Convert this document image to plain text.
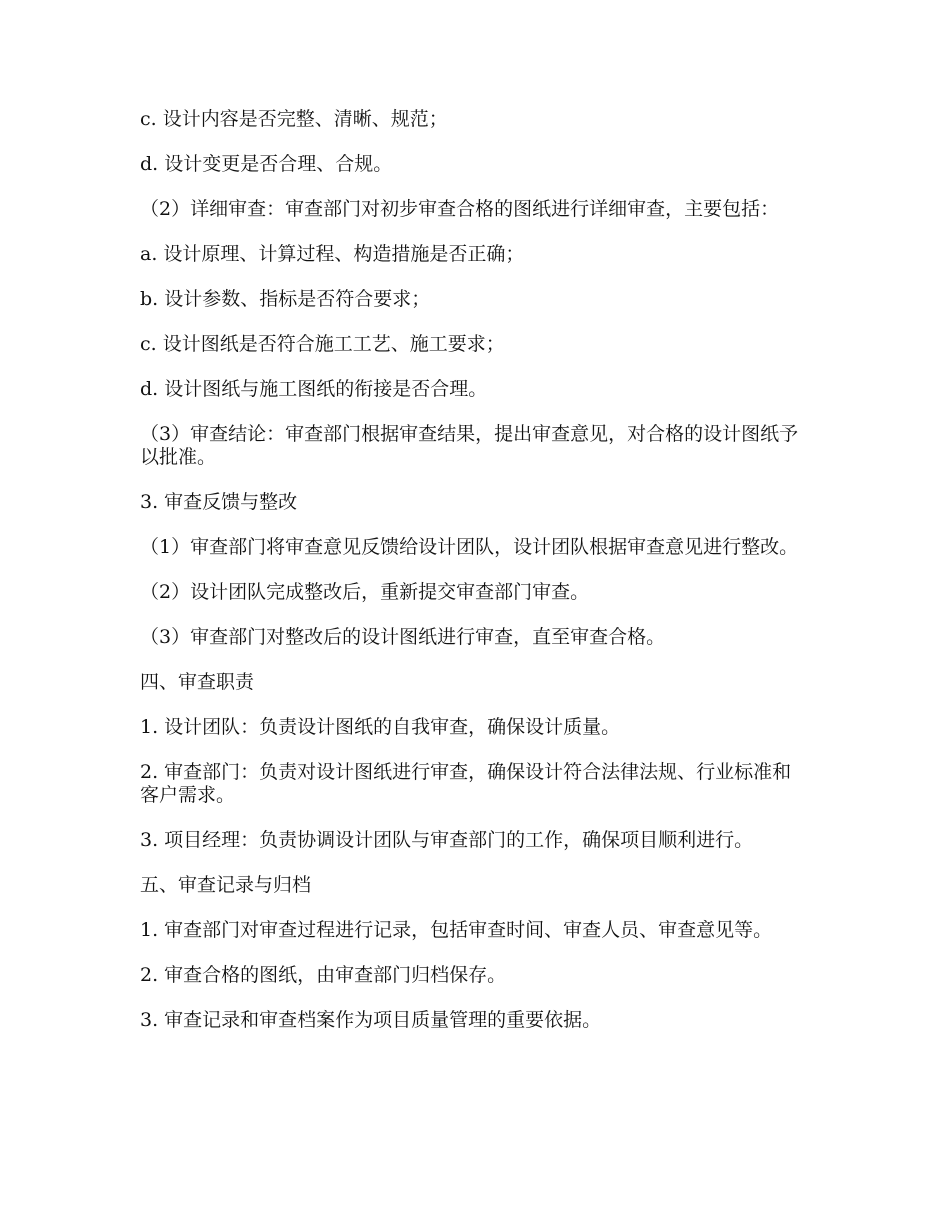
c. 设计内容是否完整、清晰、规范；

d. 设计变更是否合理、合规。

（2）详细审查：审查部门对初步审查合格的图纸进行详细审查，主要包括：

a. 设计原理、计算过程、构造措施是否正确；

b. 设计参数、指标是否符合要求；

c. 设计图纸是否符合施工工艺、施工要求；

d. 设计图纸与施工图纸的衔接是否合理。

（3）审查结论：审查部门根据审查结果，提出审查意见，对合格的设计图纸予以批准。

3. 审查反馈与整改

（1）审查部门将审查意见反馈给设计团队，设计团队根据审查意见进行整改。

（2）设计团队完成整改后，重新提交审查部门审查。

（3）审查部门对整改后的设计图纸进行审查，直至审查合格。

四、审查职责

1. 设计团队：负责设计图纸的自我审查，确保设计质量。

2. 审查部门：负责对设计图纸进行审查，确保设计符合法律法规、行业标准和客户需求。

3. 项目经理：负责协调设计团队与审查部门的工作，确保项目顺利进行。

五、审查记录与归档

1. 审查部门对审查过程进行记录，包括审查时间、审查人员、审查意见等。

2. 审查合格的图纸，由审查部门归档保存。

3. 审查记录和审查档案作为项目质量管理的重要依据。
